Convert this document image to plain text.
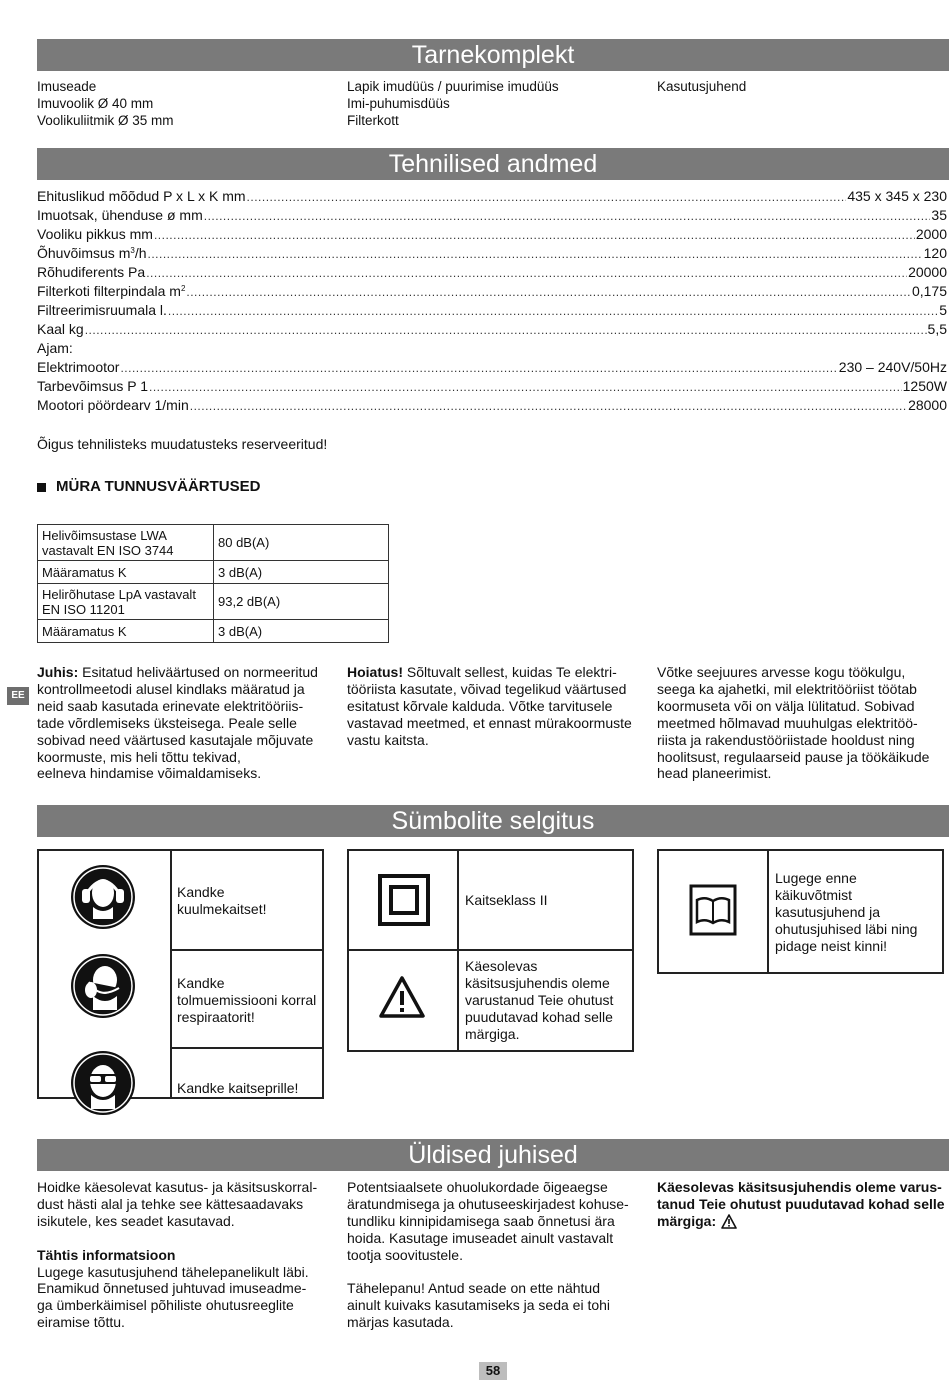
Tarnekomplekt
Imuseade
Imuvoolik Ø 40 mm
Voolikuliitmik Ø 35 mm
Lapik imudüüs / puurimise imudüüs
Imi-puhumisdüüs
Filterkott
Kasutusjuhend
Tehnilised andmed
Ehituslikud mõõdud P x L x K mm .....	435 x 345 x 230
Imuotsak, ühenduse ø mm .....	35
Vooliku pikkus mm .....	2000
Õhuvõimsus $m^3/h$ .....	120
Rõhudiferents Pa .....	20000
Filterkoti filterpindala $m^2$ .....	0,175
Filtreerimisruumala l. .....	5
Kaal kg .....	5,5
Ajam:
Elektrimootor .....	230 – 240V/50Hz
Tarbevõimsus P 1 .....	1250W
Mootori pöördearv 1/min .....	28000
Õigus tehnilisteks muudatusteks reserveeritud!
MÜRA TUNNUSVÄÄRTUSED
Helivõimsustase LWA
vastavalt EN ISO 3744	80 dB(A)
Määramatus K	3 dB(A)

Helirõhutase LpA vastavalt
EN ISO 11201	93,2 dB(A)
Määramatus K	3 dB(A)
EE
Juhis: Esitatud heliväärtused on normeeritud
kontrollmeetodi alusel kindlaks määratud ja
neid saab kasutada erinevate elektritööriis-
tade võrdlemiseks üksteisega. Peale selle
sobivad need väärtused kasutajale mõjuvate
koormuste, mis heli tõttu tekivad,
eelneva hindamise võimaldamiseks.
Hoiatus! Sõltuvalt sellest, kuidas Te elektri-
tööriista kasutate, võivad tegelikud väärtused
esitatust kõrvale kalduda. Võtke tarvitusele
vastavad meetmed, et ennast mürakoormuste
vastu kaitsta.
Võtke seejuures arvesse kogu töökulgu,
seega ka ajahetki, mil elektritööriist töötab
koormuseta või on välja lülitatud. Sobivad
meetmed hõlmavad muuhulgas elektritöö-
riista ja rakendustööriistade hooldust ning
hoolitsust, regulaarseid pause ja töökäikude
head planeerimist.
Sümbolite selgitus
Kandke
kuulmekaitset!
Kandke
tolmuemissiooni korral
respiraatorit!
Kandke kaitseprille!
Kaitseklass II
Käesolevas
käsitsusjuhendis oleme
varustanud Teie ohutust
puudutavad kohad selle
märgiga.
Lugege enne
käikuvõtmist
kasutusjuhend ja
ohutusjuhised läbi ning
pidage neist kinni!
Üldised juhised
Hoidke käesolevat kasutus- ja käsitsuskorral-
dust hästi alal ja tehke see kättesaadavaks
isikutele, kes seadet kasutavad.

Tähtis informatsioon
Lugege kasutusjuhend tähelepanelikult läbi.
Enamikud õnnetused juhtuvad imuseadme-
ga ümberkäimisel põhiliste ohutusreeglite
eiramise tõttu.
Potentsiaalsete ohuolukordade õigeaegse
äratundmisega ja ohutuseeskirjadest kohuse-
tundliku kinnipidamisega saab õnnetusi ära
hoida. Kasutage imuseadet ainult vastavalt
tootja soovitustele.

Tähelepanu! Antud seade on ette nähtud
ainult kuivaks kasutamiseks ja seda ei tohi
märjas kasutada.
Käesolevas käsitsusjuhendis oleme varus-
tanud Teie ohutust puudutavad kohad selle
märgiga:
58
